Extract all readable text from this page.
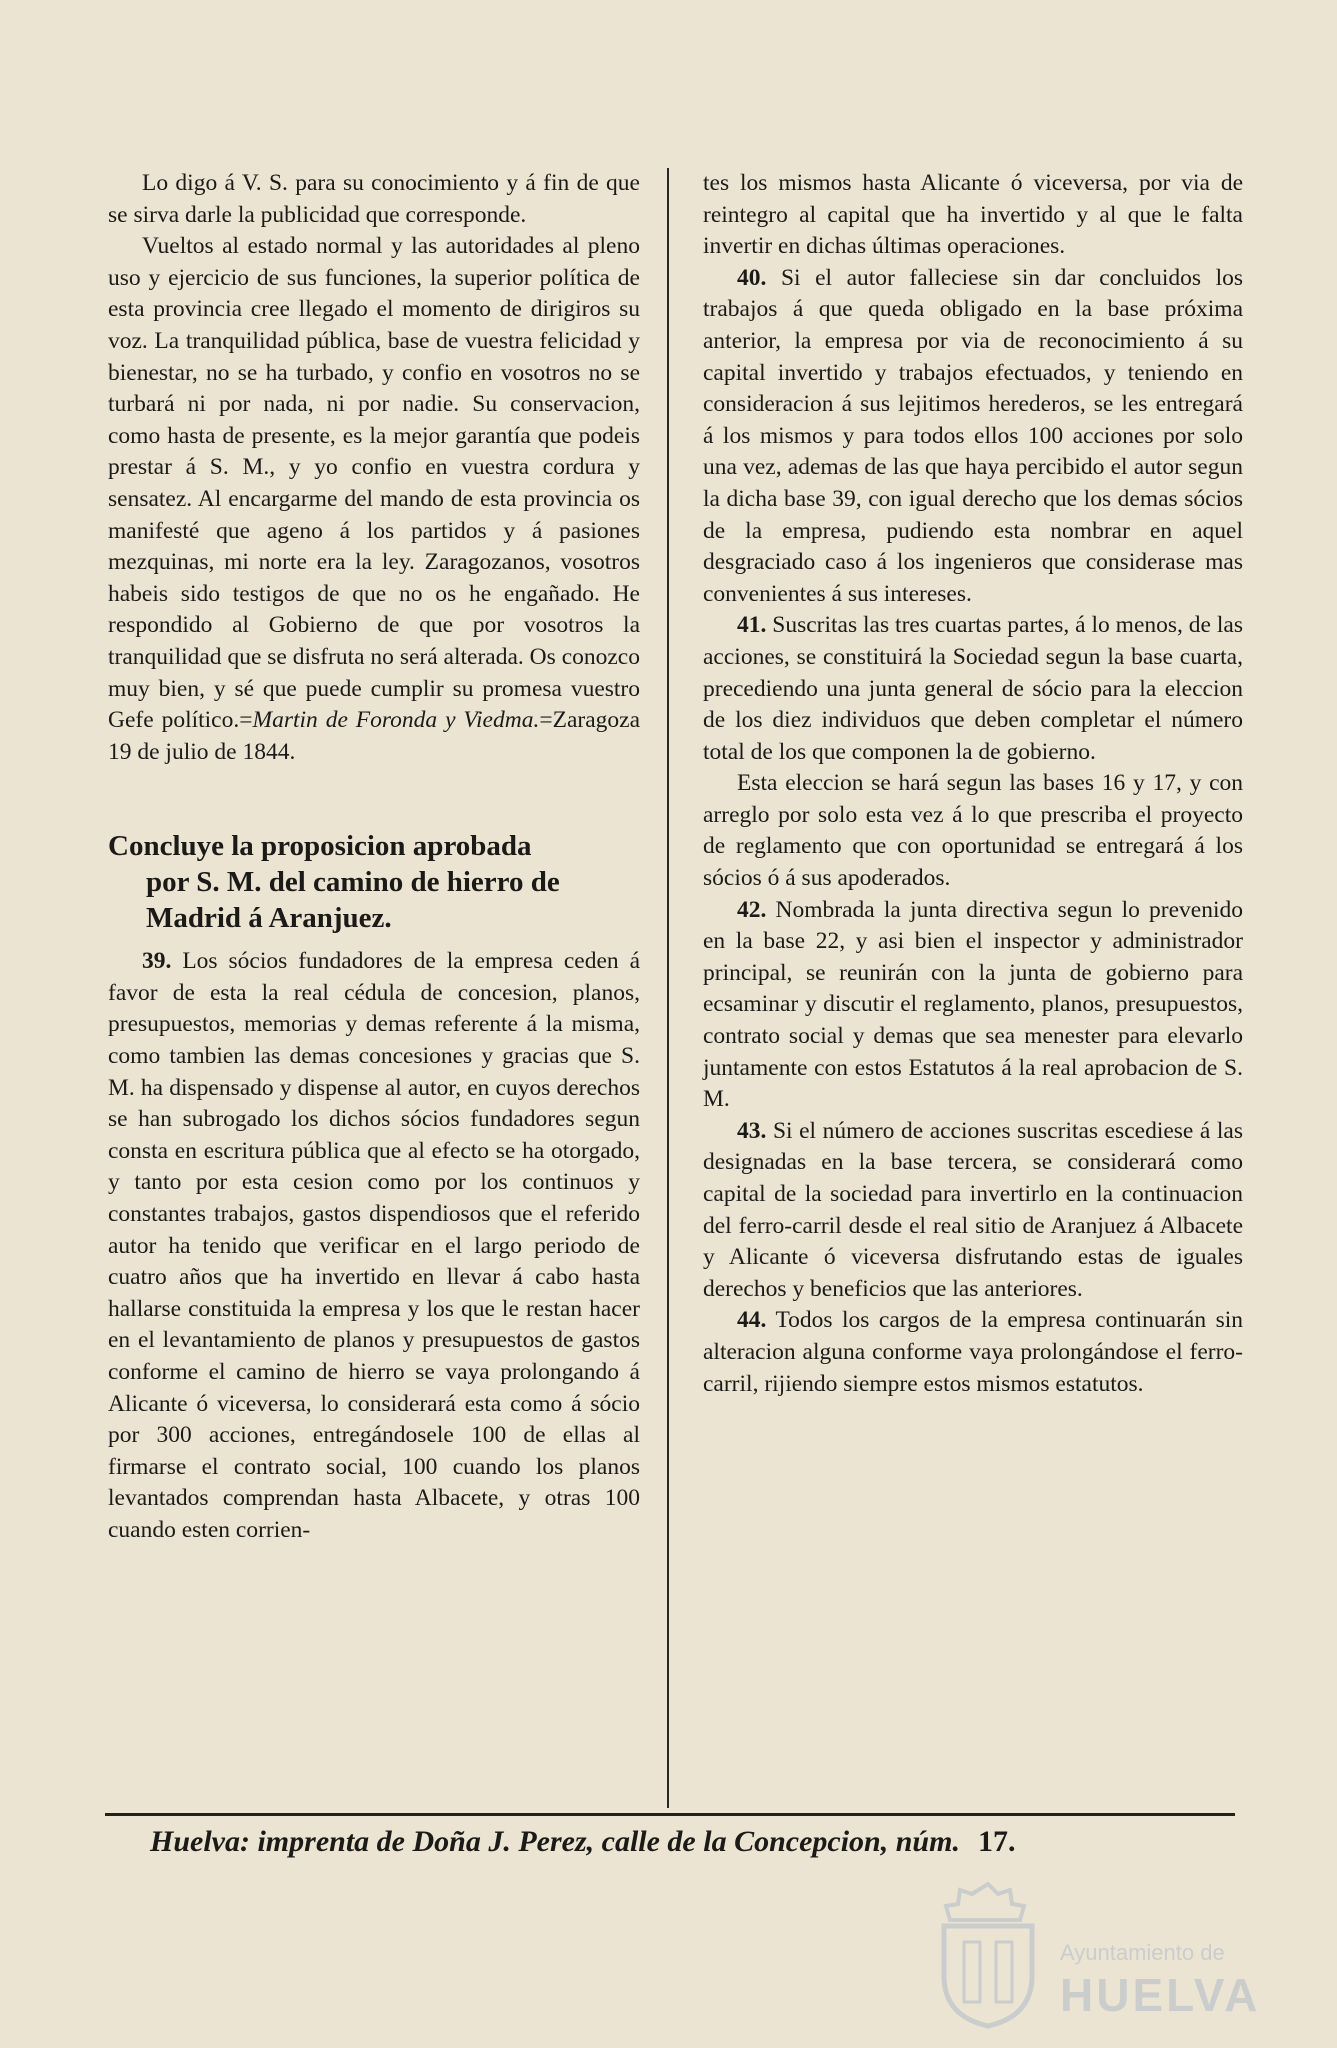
Lo digo á V. S. para su conocimiento y á fin de que se sirva darle la publicidad que corresponde.

Vueltos al estado normal y las autoridades al pleno uso y ejercicio de sus funciones, la superior política de esta provincia cree llegado el momento de dirigiros su voz. La tranquilidad pública, base de vuestra felicidad y bienestar, no se ha turbado, y confio en vosotros no se turbará ni por nada, ni por nadie. Su conservacion, como hasta de presente, es la mejor garantía que podeis prestar á S. M., y yo confio en vuestra cordura y sensatez. Al encargarme del mando de esta provincia os manifesté que ageno á los partidos y á pasiones mezquinas, mi norte era la ley. Zaragozanos, vosotros habeis sido testigos de que no os he engañado. He respondido al Gobierno de que por vosotros la tranquilidad que se disfruta no será alterada. Os conozco muy bien, y sé que puede cumplir su promesa vuestro Gefe político.=Martin de Foronda y Viedma.=Zaragoza 19 de julio de 1844.

Concluye la proposicion aprobada
por S. M. del camino de hierro de
Madrid á Aranjuez.

39. Los sócios fundadores de la empresa ceden á favor de esta la real cédula de concesion, planos, presupuestos, memorias y demas referente á la misma, como tambien las demas concesiones y gracias que S. M. ha dispensado y dispense al autor, en cuyos derechos se han subrogado los dichos sócios fundadores segun consta en escritura pública que al efecto se ha otorgado, y tanto por esta cesion como por los continuos y constantes trabajos, gastos dispendiosos que el referido autor ha tenido que verificar en el largo periodo de cuatro años que ha invertido en llevar á cabo hasta hallarse constituida la empresa y los que le restan hacer en el levantamiento de planos y presupuestos de gastos conforme el camino de hierro se vaya prolongando á Alicante ó viceversa, lo considerará esta como á sócio por 300 acciones, entregándosele 100 de ellas al firmarse el contrato social, 100 cuando los planos levantados comprendan hasta Albacete, y otras 100 cuando esten corrien-

tes los mismos hasta Alicante ó viceversa, por via de reintegro al capital que ha invertido y al que le falta invertir en dichas últimas operaciones.

40. Si el autor falleciese sin dar concluidos los trabajos á que queda obligado en la base próxima anterior, la empresa por via de reconocimiento á su capital invertido y trabajos efectuados, y teniendo en consideracion á sus lejitimos herederos, se les entregará á los mismos y para todos ellos 100 acciones por solo una vez, ademas de las que haya percibido el autor segun la dicha base 39, con igual derecho que los demas sócios de la empresa, pudiendo esta nombrar en aquel desgraciado caso á los ingenieros que considerase mas convenientes á sus intereses.

41. Suscritas las tres cuartas partes, á lo menos, de las acciones, se constituirá la Sociedad segun la base cuarta, precediendo una junta general de sócio para la eleccion de los diez individuos que deben completar el número total de los que componen la de gobierno.

Esta eleccion se hará segun las bases 16 y 17, y con arreglo por solo esta vez á lo que prescriba el proyecto de reglamento que con oportunidad se entregará á los sócios ó á sus apoderados.

42. Nombrada la junta directiva segun lo prevenido en la base 22, y asi bien el inspector y administrador principal, se reunirán con la junta de gobierno para ecsaminar y discutir el reglamento, planos, presupuestos, contrato social y demas que sea menester para elevarlo juntamente con estos Estatutos á la real aprobacion de S. M.

43. Si el número de acciones suscritas escediese á las designadas en la base tercera, se considerará como capital de la sociedad para invertirlo en la continuacion del ferro-carril desde el real sitio de Aranjuez á Albacete y Alicante ó viceversa disfrutando estas de iguales derechos y beneficios que las anteriores.

44. Todos los cargos de la empresa continuarán sin alteracion alguna conforme vaya prolongándose el ferro-carril, rijiendo siempre estos mismos estatutos.

Huelva: imprenta de Doña J. Perez, calle de la Concepcion, núm. 17.
Ayuntamiento de
HUELVA
